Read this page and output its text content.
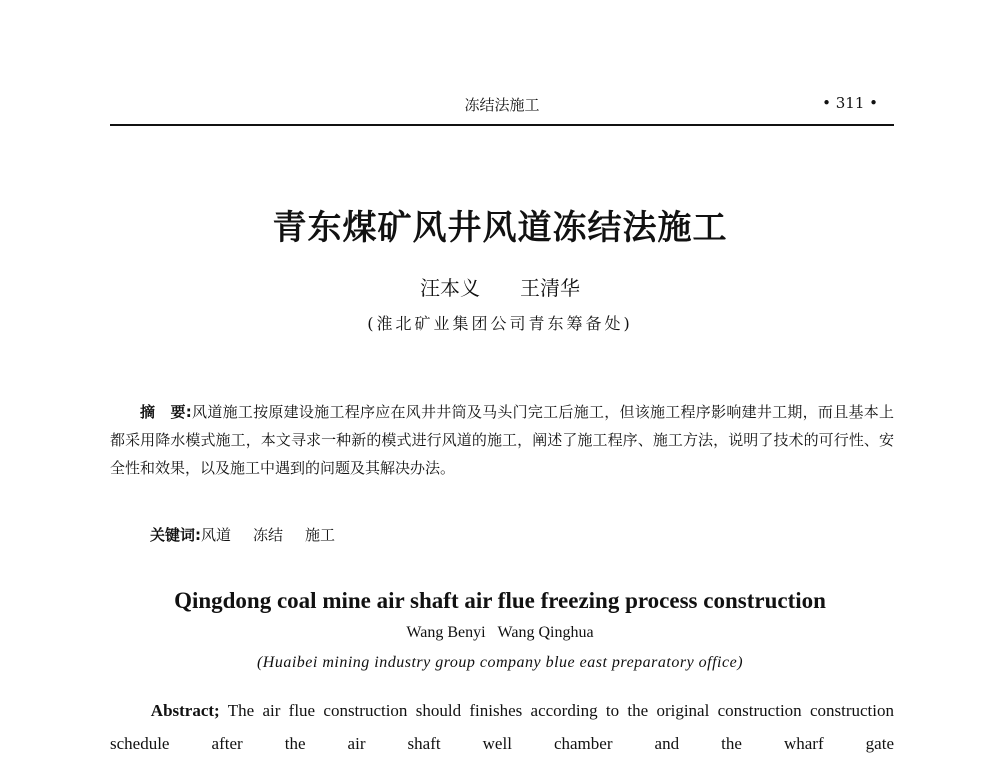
冻结法施工	• 311 •
青东煤矿风井风道冻结法施工
汪本义 王清华
(淮北矿业集团公司青东筹备处)

摘　要:风道施工按原建设施工程序应在风井井筒及马头门完工后施工，但该施工程序影响建井工期，而且基本上都采用降水模式施工，本文寻求一种新的模式进行风道的施工，阐述了施工程序、施工方法，说明了技术的可行性、安全性和效果，以及施工中遇到的问题及其解决办法。

关键词:风道 冻结 施工
Qingdong coal mine air shaft air flue freezing process construction
Wang Benyi Wang Qinghua
(Huaibei mining industry group company blue east preparatory office)

Abstract; The air flue construction should finishes according to the original construction construction schedule after the air shaft well chamber and the wharf gate
